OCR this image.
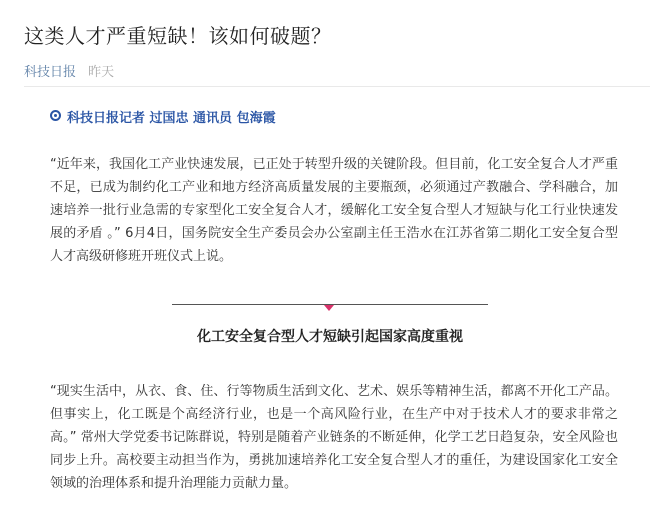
这类人才严重短缺！该如何破题？
科技日报 昨天
科技日报记者 过国忠 通讯员 包海霞

“近年来，我国化工产业快速发展，已正处于转型升级的关键阶段。但目前，化工安全复合人才严重不足，已成为制约化工产业和地方经济高质量发展的主要瓶颈，必须通过产教融合、学科融合，加速培养一批行业急需的专家型化工安全复合人才，缓解化工安全复合型人才短缺与化工行业快速发展的矛盾 。” 6月4日，国务院安全生产委员会办公室副主任王浩水在江苏省第二期化工安全复合型人才高级研修班开班仪式上说。

化工安全复合型人才短缺引起国家高度重视

“现实生活中，从衣、食、住、行等物质生活到文化、艺术、娱乐等精神生活，都离不开化工产品。但事实上，化工既是个高经济行业，也是一个高风险行业，在生产中对于技术人才的要求非常之高。” 常州大学党委书记陈群说，特别是随着产业链条的不断延伸，化学工艺日趋复杂，安全风险也同步上升。高校要主动担当作为，勇挑加速培养化工安全复合型人才的重任，为建设国家化工安全领域的治理体系和提升治理能力贡献力量。
